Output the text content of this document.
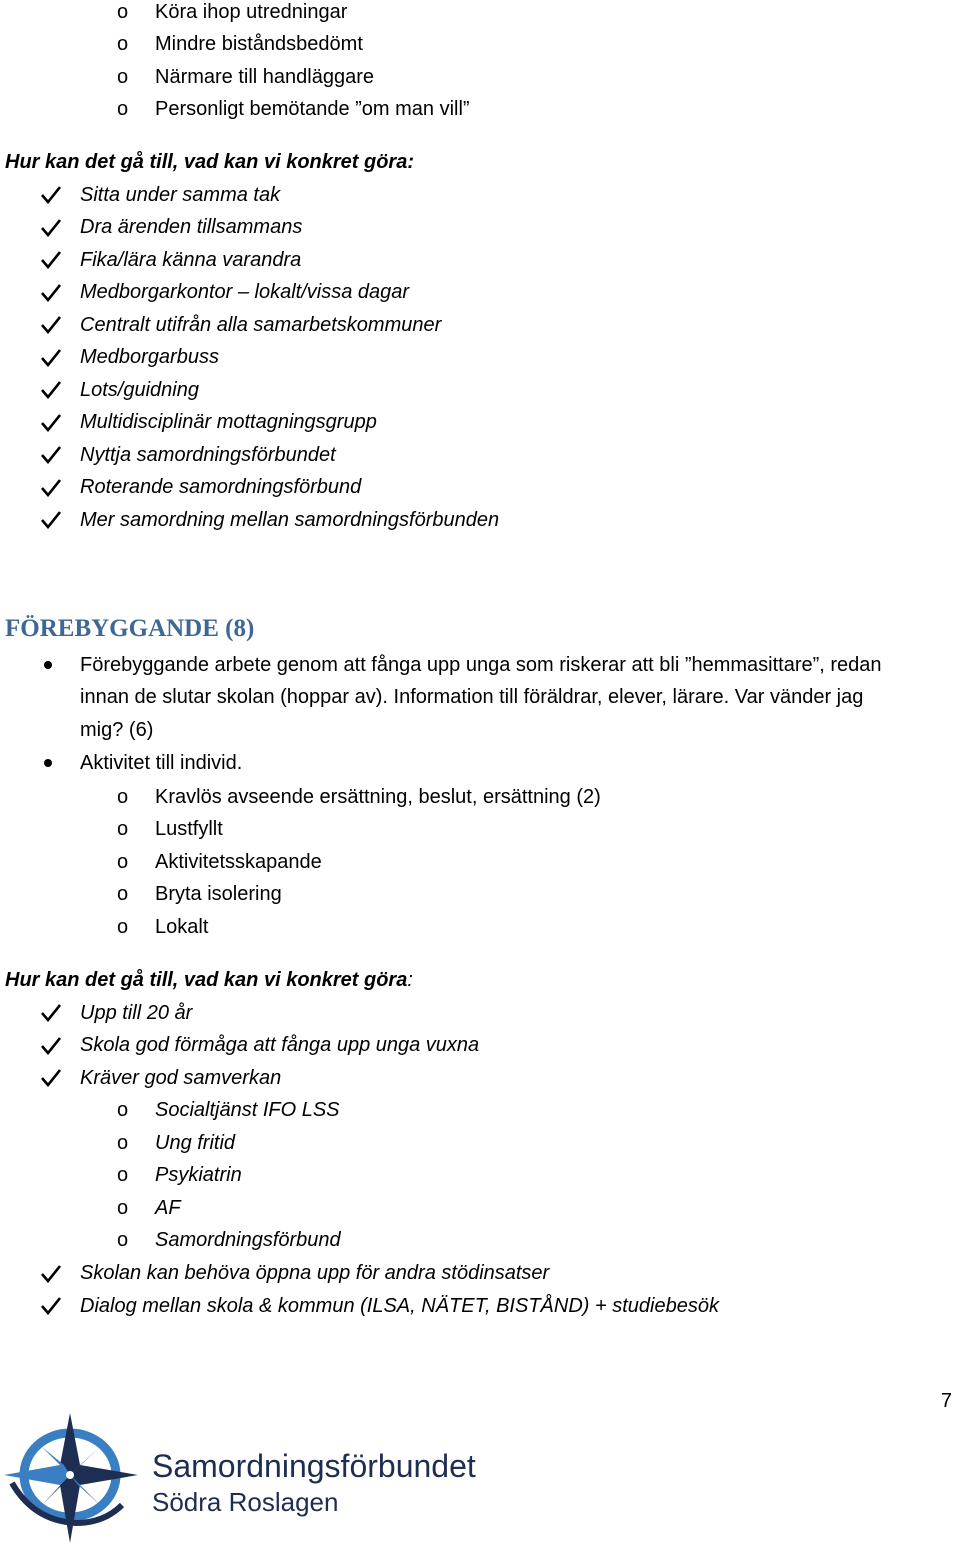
o Köra ihop utredningar
o Mindre biståndsbedömt
o Närmare till handläggare
o Personligt bemötande ”om man vill”
Hur kan det gå till, vad kan vi konkret göra:
Sitta under samma tak
Dra ärenden tillsammans
Fika/lära känna varandra
Medborgarkontor – lokalt/vissa dagar
Centralt utifrån alla samarbetskommuner
Medborgarbuss
Lots/guidning
Multidisciplinär mottagningsgrupp
Nyttja samordningsförbundet
Roterande samordningsförbund
Mer samordning mellan samordningsförbunden
FÖREBYGGANDE (8)
Förebyggande arbete genom att fånga upp unga som riskerar att bli ”hemmasittare”, redan
innan de slutar skolan (hoppar av). Information till föräldrar, elever, lärare. Var vänder jag
mig? (6)
Aktivitet till individ.
o Kravlös avseende ersättning, beslut, ersättning (2)
o Lustfyllt
o Aktivitetsskapande
o Bryta isolering
o Lokalt
Hur kan det gå till, vad kan vi konkret göra:
Upp till 20 år
Skola god förmåga att fånga upp unga vuxna
Kräver god samverkan
o Socialtjänst IFO LSS
o Ung fritid
o Psykiatrin
o AF
o Samordningsförbund
Skolan kan behöva öppna upp för andra stödinsatser
Dialog mellan skola & kommun (ILSA, NÄTET, BISTÅND) + studiebesök
7
Samordningsförbundet
Södra Roslagen
